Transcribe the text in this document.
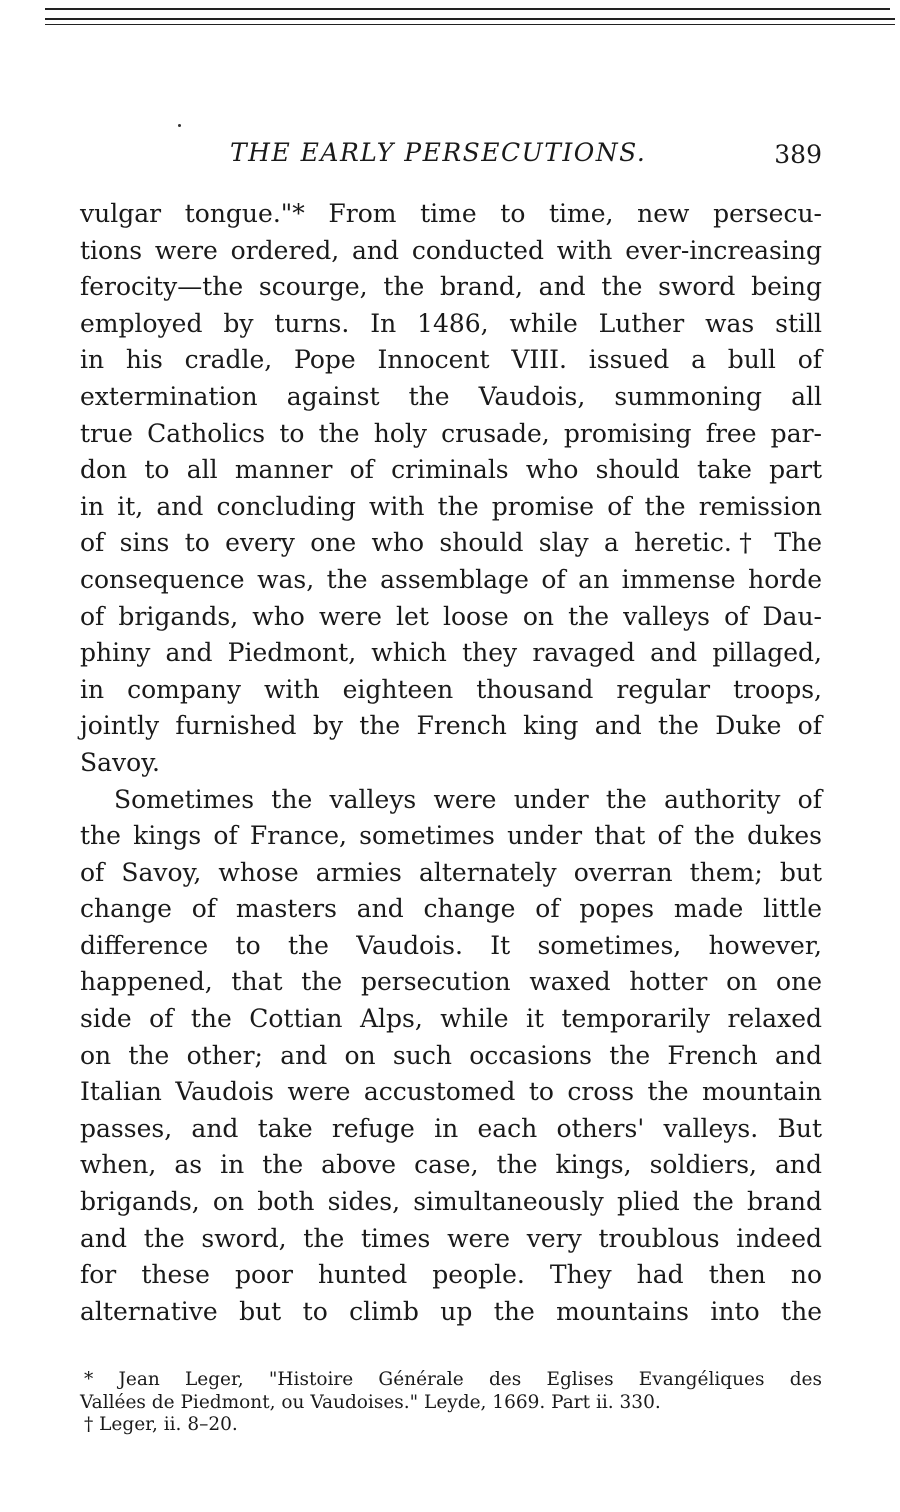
THE EARLY PERSECUTIONS.	389
vulgar tongue."* From time to time, new persecu-
tions were ordered, and conducted with ever-increasing
ferocity—the scourge, the brand, and the sword being
employed by turns. In 1486, while Luther was still
in his cradle, Pope Innocent VIII. issued a bull of
extermination against the Vaudois, summoning all
true Catholics to the holy crusade, promising free par-
don to all manner of criminals who should take part
in it, and concluding with the promise of the remission
of sins to every one who should slay a heretic.† The
consequence was, the assemblage of an immense horde
of brigands, who were let loose on the valleys of Dau-
phiny and Piedmont, which they ravaged and pillaged,
in company with eighteen thousand regular troops,
jointly furnished by the French king and the Duke of
Savoy.
Sometimes the valleys were under the authority of
the kings of France, sometimes under that of the dukes
of Savoy, whose armies alternately overran them; but
change of masters and change of popes made little
difference to the Vaudois. It sometimes, however,
happened, that the persecution waxed hotter on one
side of the Cottian Alps, while it temporarily relaxed
on the other; and on such occasions the French and
Italian Vaudois were accustomed to cross the mountain
passes, and take refuge in each others' valleys. But
when, as in the above case, the kings, soldiers, and
brigands, on both sides, simultaneously plied the brand
and the sword, the times were very troublous indeed
for these poor hunted people. They had then no
alternative but to climb up the mountains into the
* Jean Leger, "Histoire Générale des Eglises Evangéliques des
Vallées de Piedmont, ou Vaudoises." Leyde, 1669. Part ii. 330.
† Leger, ii. 8–20.
